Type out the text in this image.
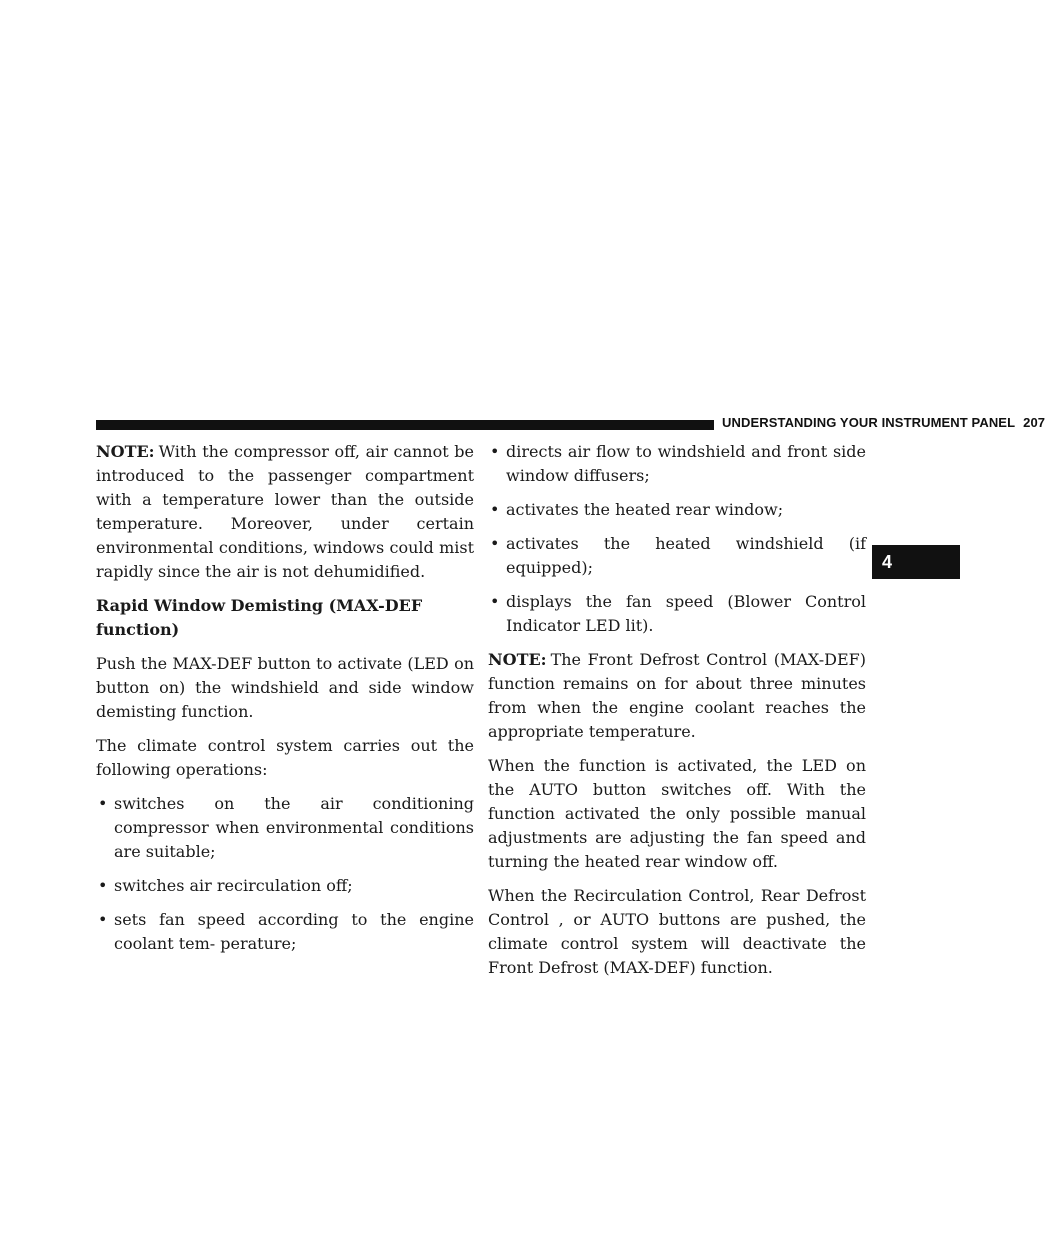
UNDERSTANDING YOUR INSTRUMENT PANEL 207
4

NOTE: With the compressor off, air cannot be introduced to the passenger compartment with a temperature lower than the outside temperature. Moreover, under certain environmental conditions, windows could mist rapidly since the air is not dehumidified.

Rapid Window Demisting (MAX-DEF function)

Push the MAX-DEF button to activate (LED on button on) the windshield and side window demisting function.

The climate control system carries out the following operations:

• switches on the air conditioning compressor when environmental conditions are suitable;
• switches air recirculation off;
• sets fan speed according to the engine coolant tem- perature;
• directs air flow to windshield and front side window diffusers;
• activates the heated rear window;
• activates the heated windshield (if equipped);
• displays the fan speed (Blower Control Indicator LED lit).

NOTE: The Front Defrost Control (MAX-DEF) function remains on for about three minutes from when the engine coolant reaches the appropriate temperature.

When the function is activated, the LED on the AUTO button switches off. With the function activated the only possible manual adjustments are adjusting the fan speed and turning the heated rear window off.

When the Recirculation Control, Rear Defrost Control , or AUTO buttons are pushed, the climate control system will deactivate the Front Defrost (MAX-DEF) function.
